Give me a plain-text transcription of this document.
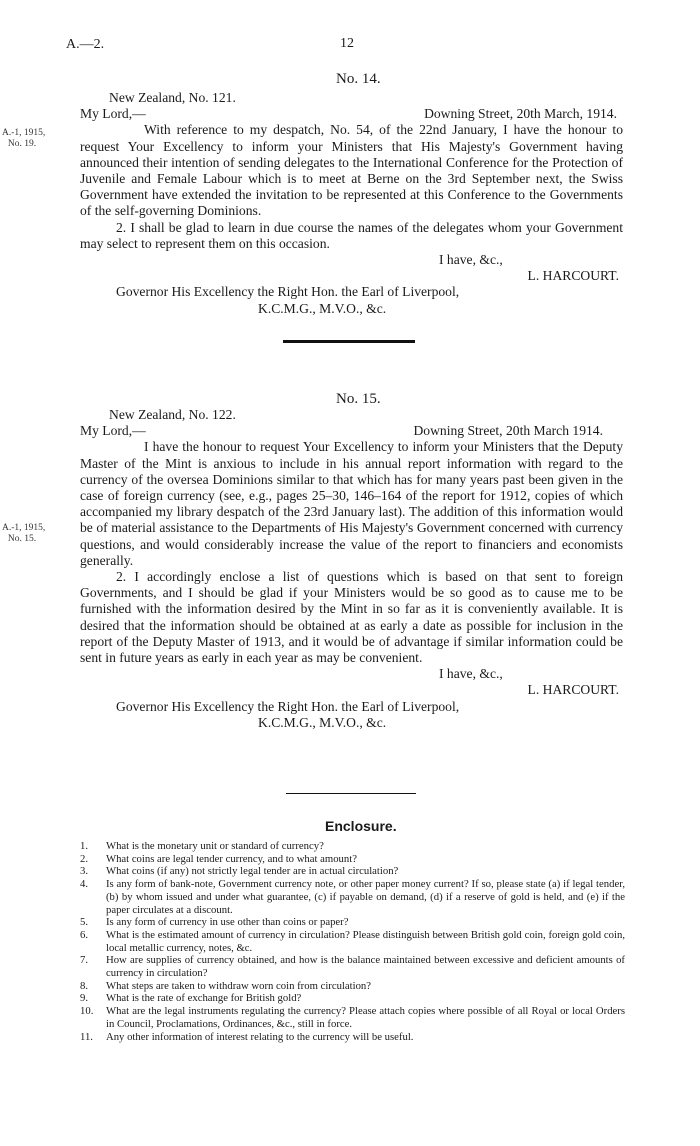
A.—2.	12
No. 14.
A.-1, 1915,
No. 19.
New Zealand, No. 121.
My Lord,—	Downing Street, 20th March, 1914.

With reference to my despatch, No. 54, of the 22nd January, I have the honour to request Your Excellency to inform your Ministers that His Majesty's Government having announced their intention of sending delegates to the International Conference for the Protection of Juvenile and Female Labour which is to meet at Berne on the 3rd September next, the Swiss Government have extended the invitation to be represented at this Conference to the Governments of the self-governing Dominions.

2. I shall be glad to learn in due course the names of the delegates whom your Government may select to represent them on this occasion.

I have, &c.,
L. HARCOURT.
Governor His Excellency the Right Hon. the Earl of Liverpool,
K.C.M.G., M.V.O., &c.
No. 15.
A.-1, 1915,
No. 15.
New Zealand, No. 122.
My Lord,—	Downing Street, 20th March 1914.

I have the honour to request Your Excellency to inform your Ministers that the Deputy Master of the Mint is anxious to include in his annual report information with regard to the currency of the oversea Dominions similar to that which has for many years past been given in the case of foreign currency (see, e.g., pages 25–30, 146–164 of the report for 1912, copies of which accompanied my library despatch of the 23rd January last). The addition of this information would be of material assistance to the Departments of His Majesty's Government concerned with currency questions, and would considerably increase the value of the report to financiers and economists generally.

2. I accordingly enclose a list of questions which is based on that sent to foreign Governments, and I should be glad if your Ministers would be so good as to cause me to be furnished with the information desired by the Mint in so far as it is conveniently available. It is desired that the information should be obtained at as early a date as possible for inclusion in the report of the Deputy Master of 1913, and it would be of advantage if similar information could be sent in future years as early in each year as may be convenient.

I have, &c.,
L. HARCOURT.
Governor His Excellency the Right Hon. the Earl of Liverpool,
K.C.M.G., M.V.O., &c.
Enclosure.
1.	What is the monetary unit or standard of currency?
2.	What coins are legal tender currency, and to what amount?
3.	What coins (if any) not strictly legal tender are in actual circulation?
4.	Is any form of bank-note, Government currency note, or other paper money current? If so, please state (a) if legal tender, (b) by whom issued and under what guarantee, (c) if payable on demand, (d) if a reserve of gold is held, and (e) if the paper circulates at a discount.
5.	Is any form of currency in use other than coins or paper?
6.	What is the estimated amount of currency in circulation? Please distinguish between British gold coin, foreign gold coin, local metallic currency, notes, &c.
7.	How are supplies of currency obtained, and how is the balance maintained between excessive and deficient amounts of currency in circulation?
8.	What steps are taken to withdraw worn coin from circulation?
9.	What is the rate of exchange for British gold?
10.	What are the legal instruments regulating the currency? Please attach copies where possible of all Royal or local Orders in Council, Proclamations, Ordinances, &c., still in force.
11.	Any other information of interest relating to the currency will be useful.
